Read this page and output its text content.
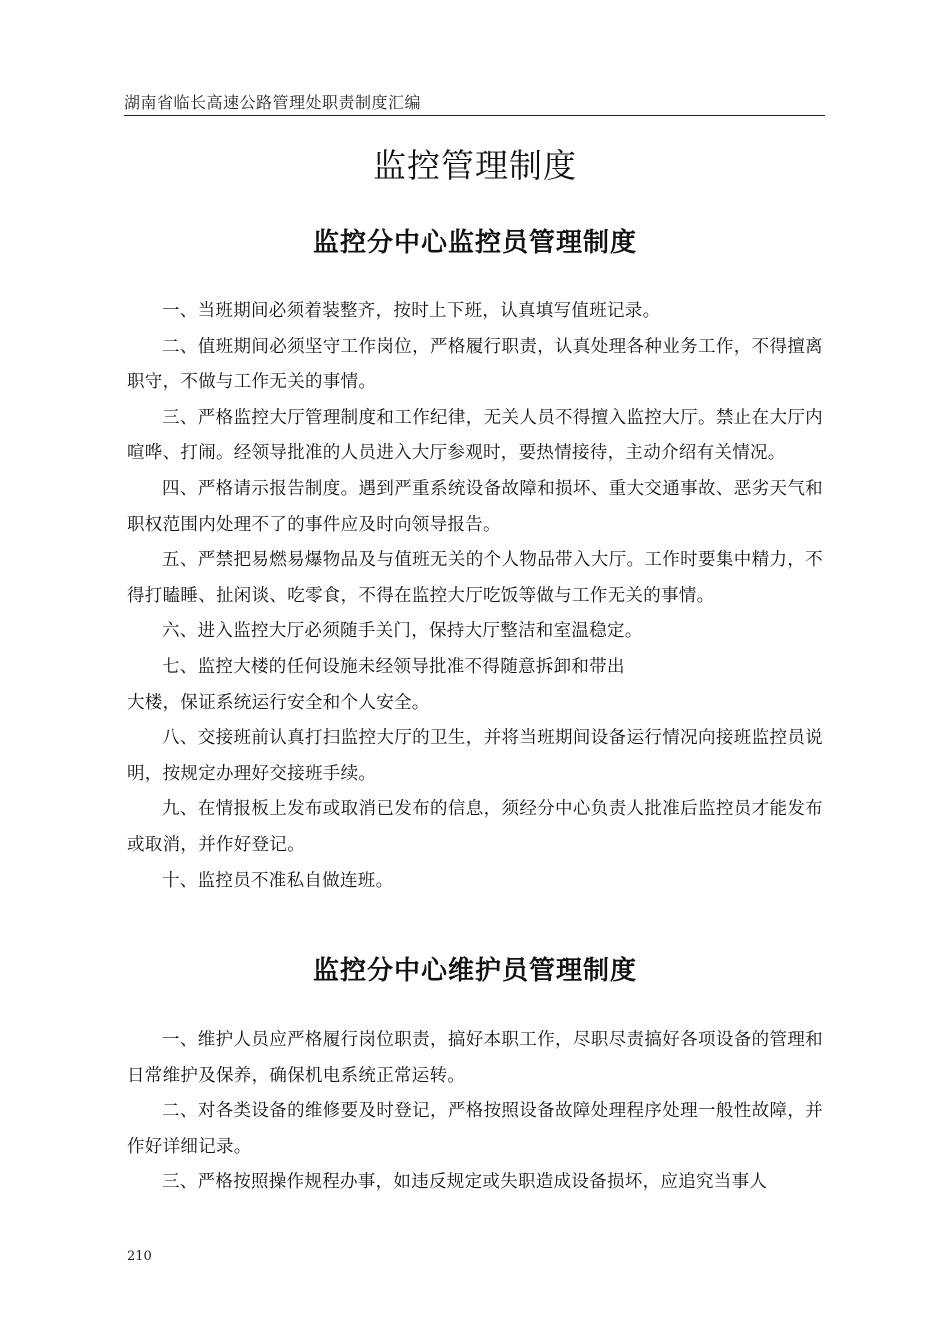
湖南省临长高速公路管理处职责制度汇编
监控管理制度
监控分中心监控员管理制度

一、当班期间必须着装整齐，按时上下班，认真填写值班记录。

二、值班期间必须坚守工作岗位，严格履行职责，认真处理各种业务工作，不得擅离职守，不做与工作无关的事情。

三、严格监控大厅管理制度和工作纪律，无关人员不得擅入监控大厅。禁止在大厅内喧哗、打闹。经领导批准的人员进入大厅参观时，要热情接待，主动介绍有关情况。

四、严格请示报告制度。遇到严重系统设备故障和损坏、重大交通事故、恶劣天气和职权范围内处理不了的事件应及时向领导报告。

五、严禁把易燃易爆物品及与值班无关的个人物品带入大厅。工作时要集中精力，不得打瞌睡、扯闲谈、吃零食，不得在监控大厅吃饭等做与工作无关的事情。

六、进入监控大厅必须随手关门，保持大厅整洁和室温稳定。

七、监控大楼的任何设施未经领导批准不得随意拆卸和带出

大楼，保证系统运行安全和个人安全。

八、交接班前认真打扫监控大厅的卫生，并将当班期间设备运行情况向接班监控员说明，按规定办理好交接班手续。

九、在情报板上发布或取消已发布的信息，须经分中心负责人批准后监控员才能发布或取消，并作好登记。

十、监控员不准私自做连班。

监控分中心维护员管理制度

一、维护人员应严格履行岗位职责，搞好本职工作，尽职尽责搞好各项设备的管理和日常维护及保养，确保机电系统正常运转。

二、对各类设备的维修要及时登记，严格按照设备故障处理程序处理一般性故障，并作好详细记录。

三、严格按照操作规程办事，如违反规定或失职造成设备损坏，应追究当事人

210
